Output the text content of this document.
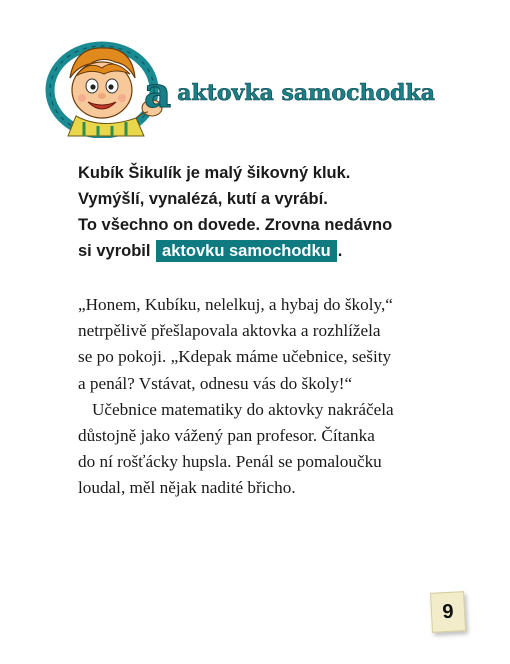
a aktovka samochodka
Kubík Šikulík je malý šikovný kluk.
Vymýšlí, vynalézá, kutí a vyrábí.
To všechno on dovede. Zrovna nedávno
si vyrobil aktovku samochodku .
„Honem, Kubíku, nelelkuj, a hybaj do školy,“
netrpělivě přešlapovala aktovka a rozhlížela
se po pokoji. „Kdepak máme učebnice, sešity
a penál? Vstávat, odnesu vás do školy!“
Učebnice matematiky do aktovky nakráčela
důstojně jako vážený pan profesor. Čítanka
do ní rošťácky hupsla. Penál se pomaloučku
loudal, měl nějak nadité břicho.
9
